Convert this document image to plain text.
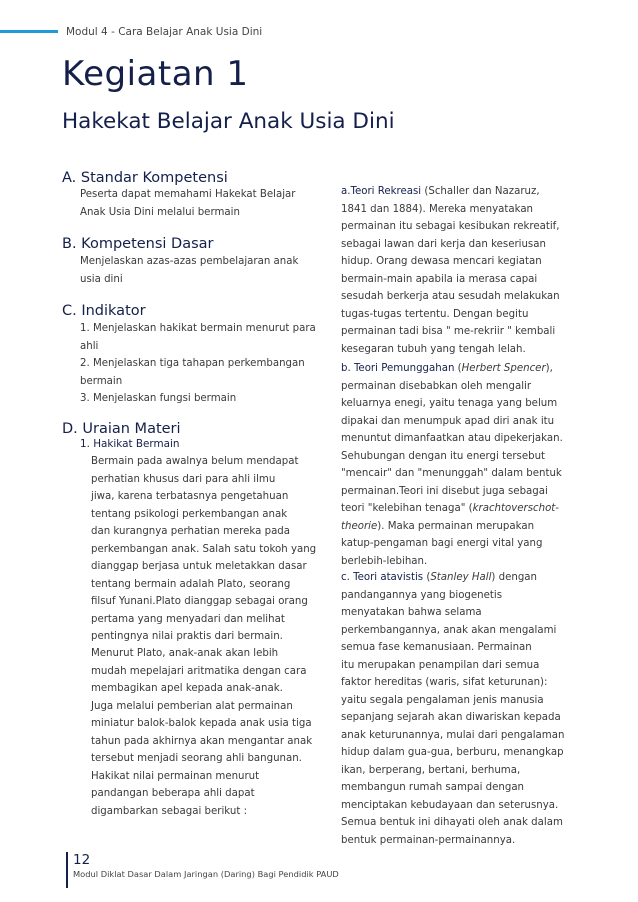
Modul 4 - Cara Belajar Anak Usia Dini
Kegiatan 1
Hakekat Belajar Anak Usia Dini
A. Standar Kompetensi
Peserta dapat memahami Hakekat Belajar
Anak Usia Dini melalui bermain
B. Kompetensi Dasar
Menjelaskan azas-azas pembelajaran anak
usia dini
C. Indikator
1. Menjelaskan hakikat bermain menurut para
ahli
2. Menjelaskan tiga tahapan perkembangan
bermain
3. Menjelaskan fungsi bermain
D. Uraian Materi
1. Hakikat Bermain
Bermain pada awalnya belum mendapat
perhatian khusus dari para ahli ilmu
jiwa, karena terbatasnya pengetahuan
tentang psikologi perkembangan anak
dan kurangnya perhatian mereka pada
perkembangan anak. Salah satu tokoh yang
dianggap berjasa untuk meletakkan dasar
tentang bermain adalah Plato, seorang
filsuf Yunani.Plato dianggap sebagai orang
pertama yang menyadari dan melihat
pentingnya nilai praktis dari bermain.
Menurut Plato, anak-anak akan lebih
mudah mepelajari aritmatika dengan cara
membagikan apel kepada anak-anak.
Juga melalui pemberian alat permainan
miniatur balok-balok kepada anak usia tiga
tahun pada akhirnya akan mengantar anak
tersebut menjadi seorang ahli bangunan.
Hakikat nilai permainan menurut
pandangan beberapa ahli dapat
digambarkan sebagai berikut :
a.Teori Rekreasi (Schaller dan Nazaruz,
1841 dan 1884). Mereka menyatakan
permainan itu sebagai kesibukan rekreatif,
sebagai lawan dari kerja dan keseriusan
hidup. Orang dewasa mencari kegiatan
bermain-main apabila ia merasa capai
sesudah berkerja atau sesudah melakukan
tugas-tugas tertentu. Dengan begitu
permainan tadi bisa " me-rekriir " kembali
kesegaran tubuh yang tengah lelah.
b. Teori Pemunggahan (Herbert Spencer),
permainan disebabkan oleh mengalir
keluarnya enegi, yaitu tenaga yang belum
dipakai dan menumpuk apad diri anak itu
menuntut dimanfaatkan atau dipekerjakan.
Sehubungan dengan itu energi tersebut
"mencair" dan "menunggah" dalam bentuk
permainan.Teori ini disebut juga sebagai
teori "kelebihan tenaga" (krachtoverschot-
theorie). Maka permainan merupakan
katup-pengaman bagi energi vital yang
berlebih-lebihan.
c. Teori atavistis (Stanley Hall) dengan
pandangannya yang biogenetis
menyatakan bahwa selama
perkembangannya, anak akan mengalami
semua fase kemanusiaan. Permainan
itu merupakan penampilan dari semua
faktor hereditas (waris, sifat keturunan):
yaitu segala pengalaman jenis manusia
sepanjang sejarah akan diwariskan kepada
anak keturunannya, mulai dari pengalaman
hidup dalam gua-gua, berburu, menangkap
ikan, berperang, bertani, berhuma,
membangun rumah sampai dengan
menciptakan kebudayaan dan seterusnya.
Semua bentuk ini dihayati oleh anak dalam
bentuk permainan-permainannya.
12
Modul Diklat Dasar Dalam Jaringan (Daring) Bagi Pendidik PAUD
